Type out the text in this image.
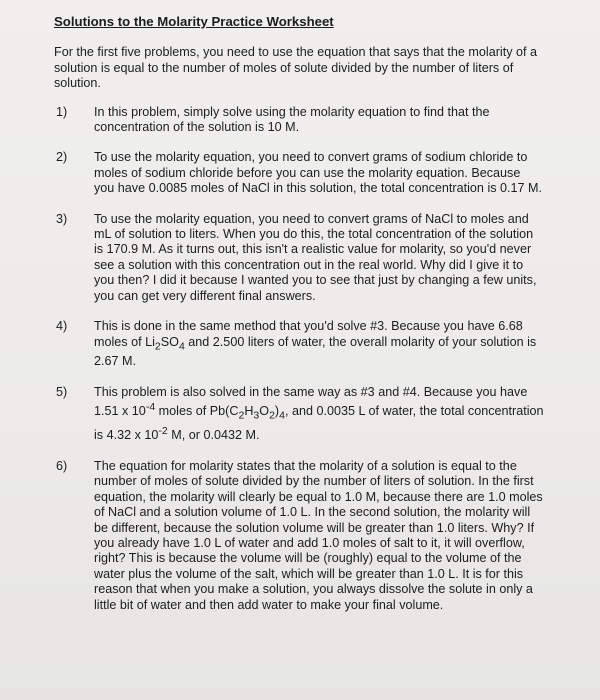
Solutions to the Molarity Practice Worksheet
For the first five problems, you need to use the equation that says that the molarity of a solution is equal to the number of moles of solute divided by the number of liters of solution.
1)	In this problem, simply solve using the molarity equation to find that the concentration of the solution is 10 M.
2)	To use the molarity equation, you need to convert grams of sodium chloride to moles of sodium chloride before you can use the molarity equation. Because you have 0.0085 moles of NaCl in this solution, the total concentration is 0.17 M.
3)	To use the molarity equation, you need to convert grams of NaCl to moles and mL of solution to liters. When you do this, the total concentration of the solution is 170.9 M. As it turns out, this isn't a realistic value for molarity, so you'd never see a solution with this concentration out in the real world. Why did I give it to you then? I did it because I wanted you to see that just by changing a few units, you can get very different final answers.
4)	This is done in the same method that you'd solve #3. Because you have 6.68 moles of $Li_2SO_4$ and 2.500 liters of water, the overall molarity of your solution is 2.67 M.
5)	This problem is also solved in the same way as #3 and #4. Because you have 1.51 x $10^{-4}$ moles of $Pb(C_2H_3O_2)_4$, and 0.0035 L of water, the total concentration is 4.32 x $10^{-2}$ M, or 0.0432 M.
6)	The equation for molarity states that the molarity of a solution is equal to the number of moles of solute divided by the number of liters of solution. In the first equation, the molarity will clearly be equal to 1.0 M, because there are 1.0 moles of NaCl and a solution volume of 1.0 L. In the second solution, the molarity will be different, because the solution volume will be greater than 1.0 liters. Why? If you already have 1.0 L of water and add 1.0 moles of salt to it, it will overflow, right? This is because the volume will be (roughly) equal to the volume of the water plus the volume of the salt, which will be greater than 1.0 L. It is for this reason that when you make a solution, you always dissolve the solute in only a little bit of water and then add water to make your final volume.
